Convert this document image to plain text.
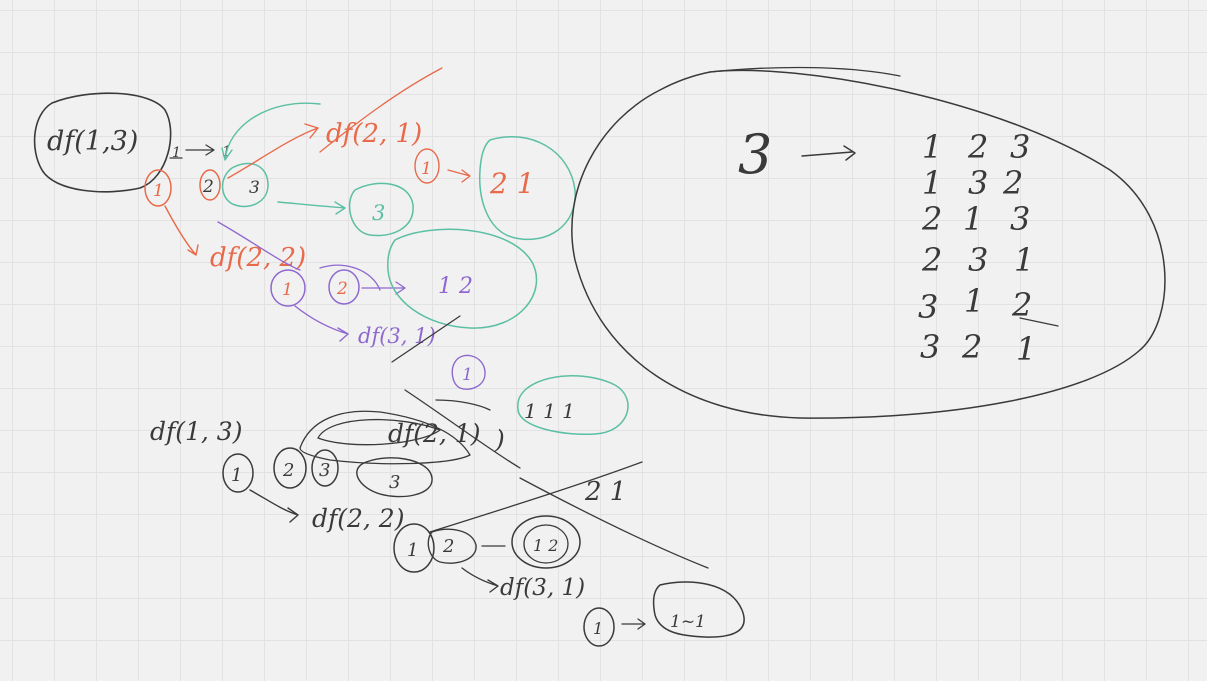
df(1,3) 1
1 2 3
1
df(2, 1)
1 2 1
3
df(2, 2)
1	2	1 2
df(3, 1)
1
1 1 1
df(1, 3)
1 2 3
3
df(2, 1) )
df(2, 2)
1 2	1 2
df(3, 1)
1	1~1
2 1
3	1 2 3
1 3 2
2 1 3
2 3 1
3 1 2
3 2 1
